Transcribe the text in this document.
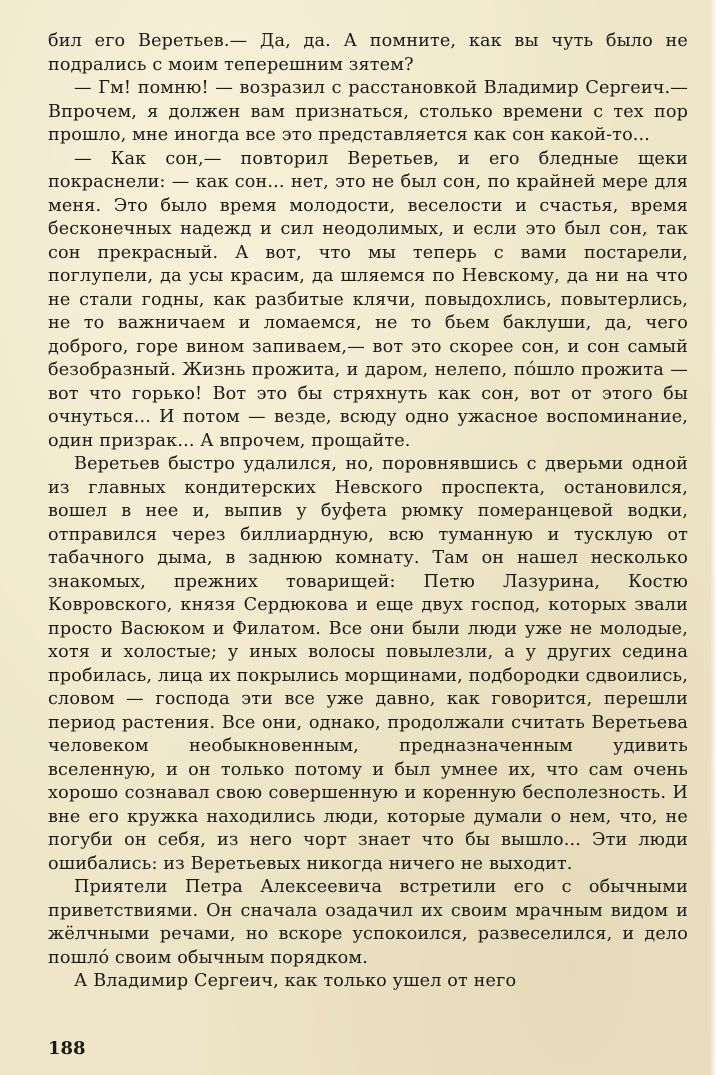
бил его Веретьев.— Да, да. А помните, как вы чуть было не подрались с моим теперешним зятем?

— Гм! помню! — возразил с расстановкой Владимир Сергеич.— Впрочем, я должен вам признаться, столько времени с тех пор прошло, мне иногда все это представляется как сон какой-то...

— Как сон,— повторил Веретьев, и его бледные щеки покраснели: — как сон... нет, это не был сон, по крайней мере для меня. Это было время молодости, веселости и счастья, время бесконечных надежд и сил неодолимых, и если это был сон, так сон прекрасный. А вот, что мы теперь с вами постарели, поглупели, да усы красим, да шляемся по Невскому, да ни на что не стали годны, как разбитые клячи, повыдохлись, повытерлись, не то важничаем и ломаемся, не то бьем баклуши, да, чего доброго, горе вином запиваем,— вот это скорее сон, и сон самый безобразный. Жизнь прожита, и даром, нелепо, пóшло прожита — вот что горько! Вот это бы стряхнуть как сон, вот от этого бы очнуться... И потом — везде, всюду одно ужасное воспоминание, один призрак... А впрочем, прощайте.

Веретьев быстро удалился, но, поровнявшись с дверьми одной из главных кондитерских Невского проспекта, остановился, вошел в нее и, выпив у буфета рюмку померанцевой водки, отправился через биллиардную, всю туманную и тусклую от табачного дыма, в заднюю комнату. Там он нашел несколько знакомых, прежних товарищей: Петю Лазурина, Костю Ковровского, князя Сердюкова и еще двух господ, которых звали просто Васюком и Филатом. Все они были люди уже не молодые, хотя и холостые; у иных волосы повылезли, а у других седина пробилась, лица их покрылись морщинами, подбородки сдвоились, словом — господа эти все уже давно, как говорится, перешли период растения. Все они, однако, продолжали считать Веретьева человеком необыкновенным, предназначенным удивить вселенную, и он только потому и был умнее их, что сам очень хорошо сознавал свою совершенную и коренную бесполезность. И вне его кружка находились люди, которые думали о нем, что, не погуби он себя, из него чорт знает что бы вышло... Эти люди ошибались: из Веретьевых никогда ничего не выходит.

Приятели Петра Алексеевича встретили его с обычными приветствиями. Он сначала озадачил их своим мрачным видом и жёлчными речами, но вскоре успокоился, развеселился, и дело пошлó своим обычным порядком.

А Владимир Сергеич, как только ушел от него

188
